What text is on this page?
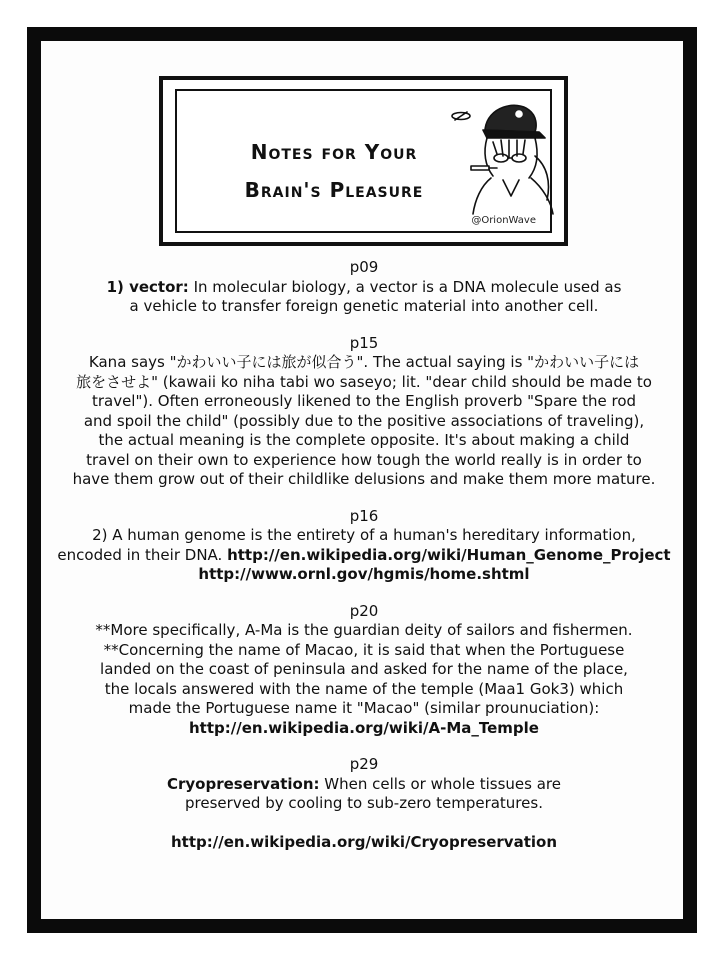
Notes for Your
Brain's Pleasure
@OrionWave
p09
1) vector: In molecular biology, a vector is a DNA molecule used as
a vehicle to transfer foreign genetic material into another cell.
p15
Kana says "かわいい子には旅が似合う". The actual saying is "かわいい子には
旅をさせよ" (kawaii ko niha tabi wo saseyo; lit. "dear child should be made to
travel"). Often erroneously likened to the English proverb "Spare the rod
and spoil the child" (possibly due to the positive associations of traveling),
the actual meaning is the complete opposite. It's about making a child
travel on their own to experience how tough the world really is in order to
have them grow out of their childlike delusions and make them more mature.
p16
2) A human genome is the entirety of a human's hereditary information,
encoded in their DNA. http://en.wikipedia.org/wiki/Human_Genome_Project
http://www.ornl.gov/hgmis/home.shtml
p20
**More specifically, A-Ma is the guardian deity of sailors and fishermen.
**Concerning the name of Macao, it is said that when the Portuguese
landed on the coast of peninsula and asked for the name of the place,
the locals answered with the name of the temple (Maa1 Gok3) which
made the Portuguese name it "Macao" (similar prounuciation):
http://en.wikipedia.org/wiki/A-Ma_Temple
p29
Cryopreservation: When cells or whole tissues are
preserved by cooling to sub-zero temperatures.
http://en.wikipedia.org/wiki/Cryopreservation
